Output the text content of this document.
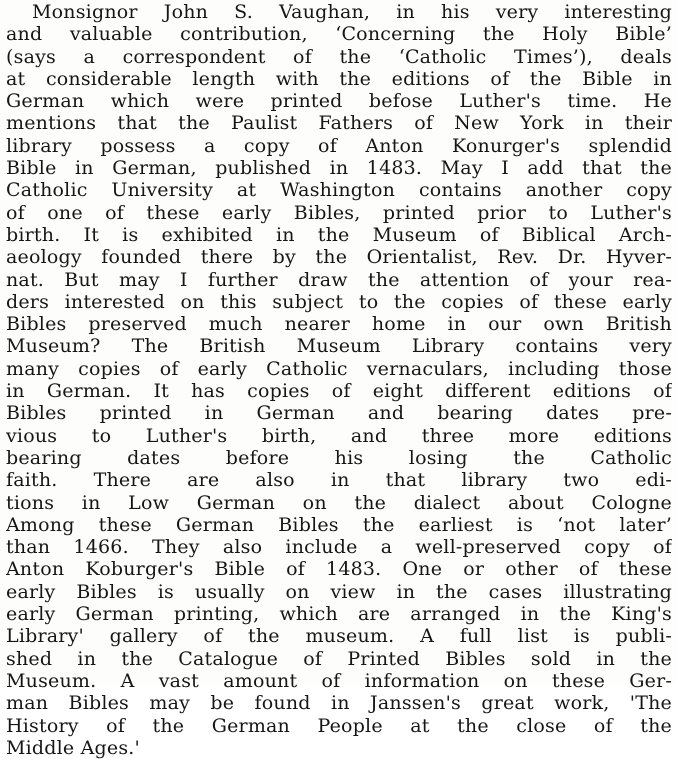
Monsignor John S. Vaughan, in his very interesting
and valuable contribution, ‘Concerning the Holy Bible’
(says a correspondent of the ‘Catholic Times’), deals
at considerable length with the editions of the Bible in
German which were printed befose Luther's time. He
mentions that the Paulist Fathers of New York in their
library possess a copy of Anton Konurger's splendid
Bible in German, published in 1483. May I add that the
Catholic University at Washington contains another copy
of one of these early Bibles, printed prior to Luther's
birth. It is exhibited in the Museum of Biblical Arch-
aeology founded there by the Orientalist, Rev. Dr. Hyver-
nat. But may I further draw the attention of your rea-
ders interested on this subject to the copies of these early
Bibles preserved much nearer home in our own British
Museum? The British Museum Library contains very
many copies of early Catholic vernaculars, including those
in German. It has copies of eight different editions of
Bibles printed in German and bearing dates pre-
vious to Luther's birth, and three more editions
bearing dates before his losing the Catholic
faith. There are also in that library two edi-
tions in Low German on the dialect about Cologne
Among these German Bibles the earliest is ‘not later’
than 1466. They also include a well-preserved copy of
Anton Koburger's Bible of 1483. One or other of these
early Bibles is usually on view in the cases illustrating
early German printing, which are arranged in the King's
Library' gallery of the museum. A full list is publi-
shed in the Catalogue of Printed Bibles sold in the
Museum. A vast amount of information on these Ger-
man Bibles may be found in Janssen's great work, 'The
History of the German People at the close of the
Middle Ages.'
